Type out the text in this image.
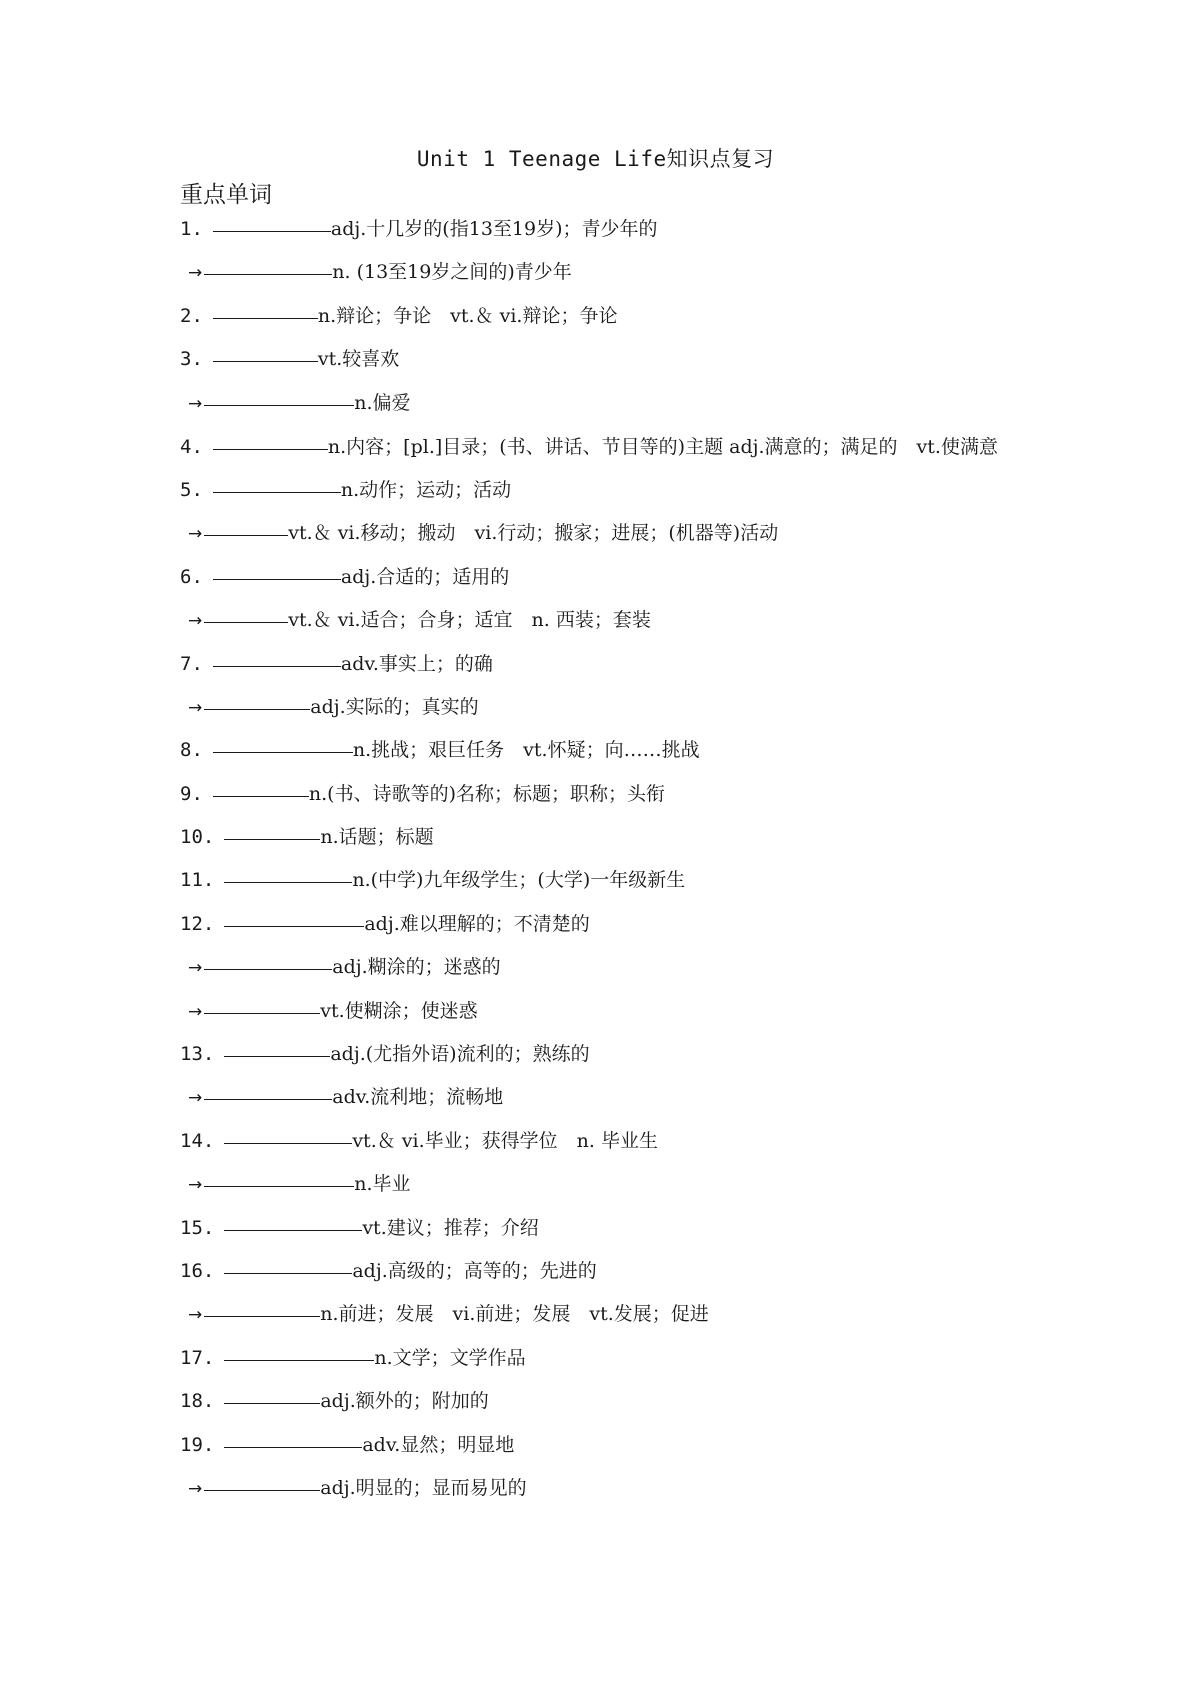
Unit 1 Teenage Life知识点复习
重点单词
1.	adj.十几岁的(指13至19岁)；青少年的
→	n. (13至19岁之间的)青少年
2.	n.辩论；争论　vt.＆ vi.辩论；争论
3.	vt.较喜欢
→	n.偏爱
4.	n.内容；[pl.]目录；(书、讲话、节目等的)主题 adj.满意的；满足的　vt.使满意
5.	n.动作；运动；活动
→	vt.＆ vi.移动；搬动　vi.行动；搬家；进展；(机器等)活动
6.	adj.合适的；适用的
→	vt.＆ vi.适合；合身；适宜　n. 西装；套装
7.	adv.事实上；的确
→	adj.实际的；真实的
8.	n.挑战；艰巨任务　vt.怀疑；向……挑战
9.	n.(书、诗歌等的)名称；标题；职称；头衔
10.	n.话题；标题
11.	n.(中学)九年级学生；(大学)一年级新生
12.	adj.难以理解的；不清楚的
→	adj.糊涂的；迷惑的
→	vt.使糊涂；使迷惑
13.	adj.(尤指外语)流利的；熟练的
→	adv.流利地；流畅地
14.	vt.＆ vi.毕业；获得学位　n. 毕业生
→	n.毕业
15.	vt.建议；推荐；介绍
16.	adj.高级的；高等的；先进的
→	n.前进；发展　vi.前进；发展　vt.发展；促进
17.	n.文学；文学作品
18.	adj.额外的；附加的
19.	adv.显然；明显地
→	adj.明显的；显而易见的
